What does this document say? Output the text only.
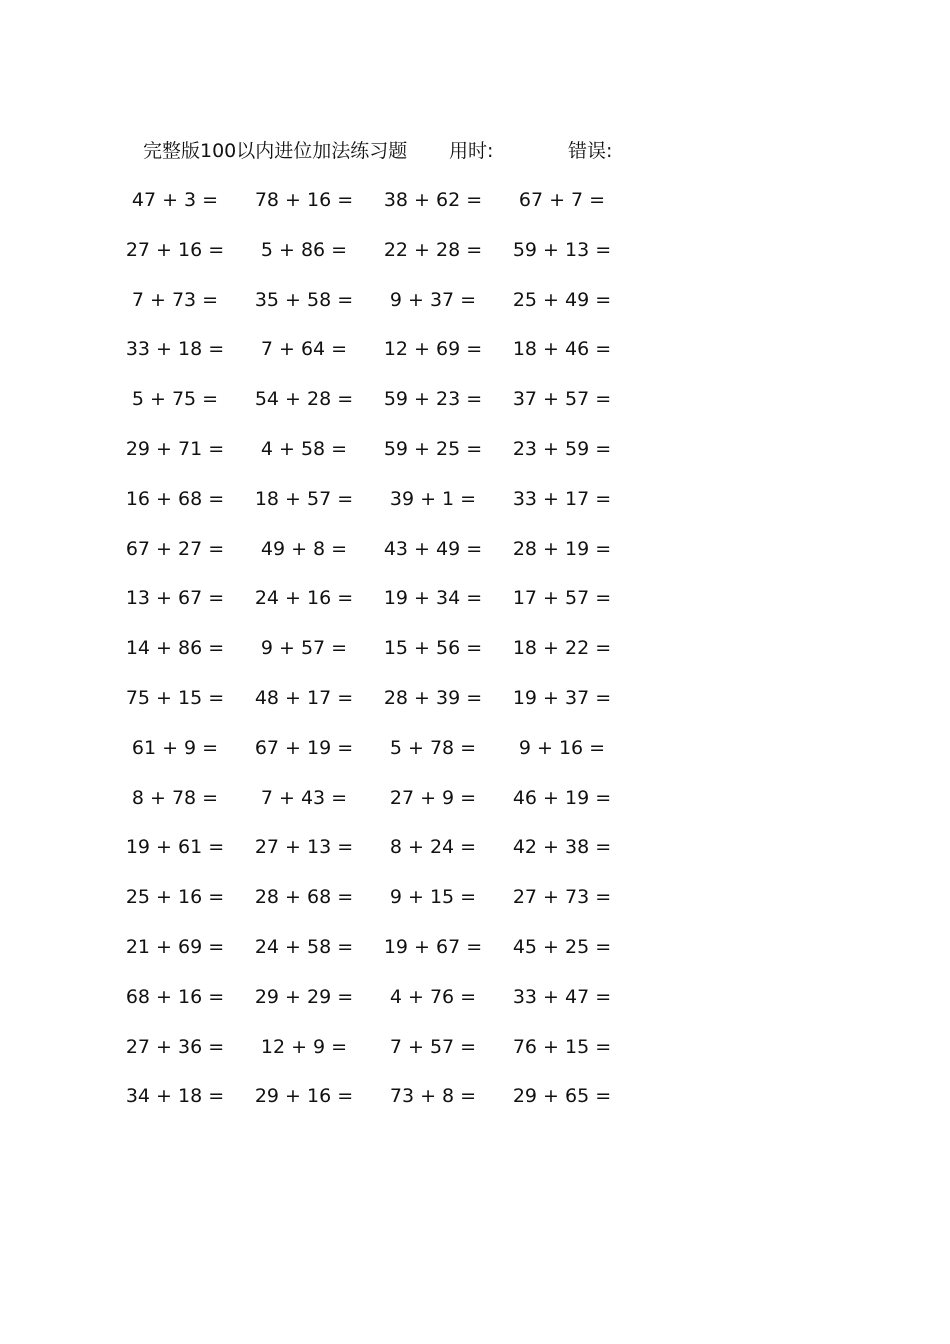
完整版100以内进位加法练习题 用时:	错误:
47 + 3 =	78 + 16 =	38 + 62 =	67 + 7 =
27 + 16 =	5 + 86 =	22 + 28 =	59 + 13 =
7 + 73 =	35 + 58 =	9 + 37 =	25 + 49 =
33 + 18 =	7 + 64 =	12 + 69 =	18 + 46 =
5 + 75 =	54 + 28 =	59 + 23 =	37 + 57 =
29 + 71 =	4 + 58 =	59 + 25 =	23 + 59 =
16 + 68 =	18 + 57 =	39 + 1 =	33 + 17 =
67 + 27 =	49 + 8 =	43 + 49 =	28 + 19 =
13 + 67 =	24 + 16 =	19 + 34 =	17 + 57 =
14 + 86 =	9 + 57 =	15 + 56 =	18 + 22 =
75 + 15 =	48 + 17 =	28 + 39 =	19 + 37 =
61 + 9 =	67 + 19 =	5 + 78 =	9 + 16 =
8 + 78 =	7 + 43 =	27 + 9 =	46 + 19 =
19 + 61 =	27 + 13 =	8 + 24 =	42 + 38 =
25 + 16 =	28 + 68 =	9 + 15 =	27 + 73 =
21 + 69 =	24 + 58 =	19 + 67 =	45 + 25 =
68 + 16 =	29 + 29 =	4 + 76 =	33 + 47 =
27 + 36 =	12 + 9 =	7 + 57 =	76 + 15 =
34 + 18 =	29 + 16 =	73 + 8 =	29 + 65 =
